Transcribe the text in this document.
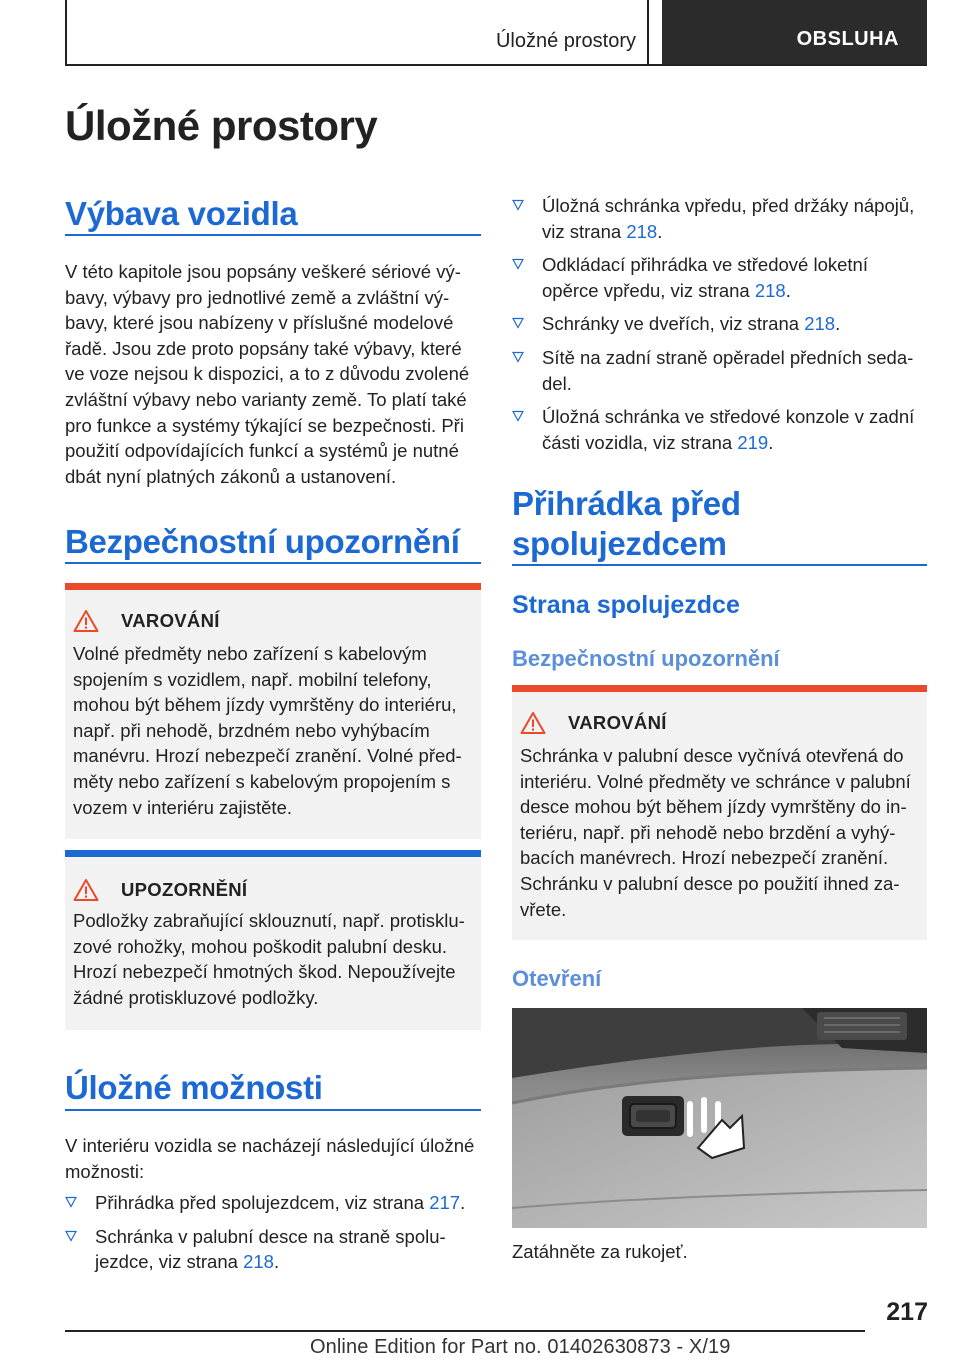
Úložné prostory	OBSLUHA
Úložné prostory
Výbava vozidla
V této kapitole jsou popsány veškeré sériové vý‐
bavy, výbavy pro jednotlivé země a zvláštní vý‐
bavy, které jsou nabízeny v příslušné modelové
řadě. Jsou zde proto popsány také výbavy, které
ve voze nejsou k dispozici, a to z důvodu zvolené
zvláštní výbavy nebo varianty země. To platí také
pro funkce a systémy týkající se bezpečnosti. Při
použití odpovídajících funkcí a systémů je nutné
dbát nyní platných zákonů a ustanovení.
Bezpečnostní upozornění
VAROVÁNÍ
Volné předměty nebo zařízení s kabelovým
spojením s vozidlem, např. mobilní telefony,
mohou být během jízdy vymrštěny do interiéru,
např. při nehodě, brzdném nebo vyhýbacím
manévru. Hrozí nebezpečí zranění. Volné před‐
měty nebo zařízení s kabelovým propojením s
vozem v interiéru zajistěte.
UPOZORNĚNÍ
Podložky zabraňující sklouznutí, např. protisklu‐
zové rohožky, mohou poškodit palubní desku.
Hrozí nebezpečí hmotných škod. Nepoužívejte
žádné protiskluzové podložky.
Úložné možnosti
V interiéru vozidla se nacházejí následující úložné
možnosti:
Přihrádka před spolujezdcem, viz strana 217.
Schránka v palubní desce na straně spolu‐
jezdce, viz strana 218.
Úložná schránka vpředu, před držáky nápojů,
viz strana 218.
Odkládací přihrádka ve středové loketní
opěrce vpředu, viz strana 218.
Schránky ve dveřích, viz strana 218.
Sítě na zadní straně opěradel předních seda‐
del.
Úložná schránka ve středové konzole v zadní
části vozidla, viz strana 219.
Přihrádka před
spolujezdcem
Strana spolujezdce
Bezpečnostní upozornění
VAROVÁNÍ
Schránka v palubní desce vyčnívá otevřená do
interiéru. Volné předměty ve schránce v palubní
desce mohou být během jízdy vymrštěny do in‐
teriéru, např. při nehodě nebo brzdění a vyhý‐
bacích manévrech. Hrozí nebezpečí zranění.
Schránku v palubní desce po použití ihned za‐
vřete.
Otevření
Zatáhněte za rukojeť.
217
Online Edition for Part no. 01402630873 - X/19
